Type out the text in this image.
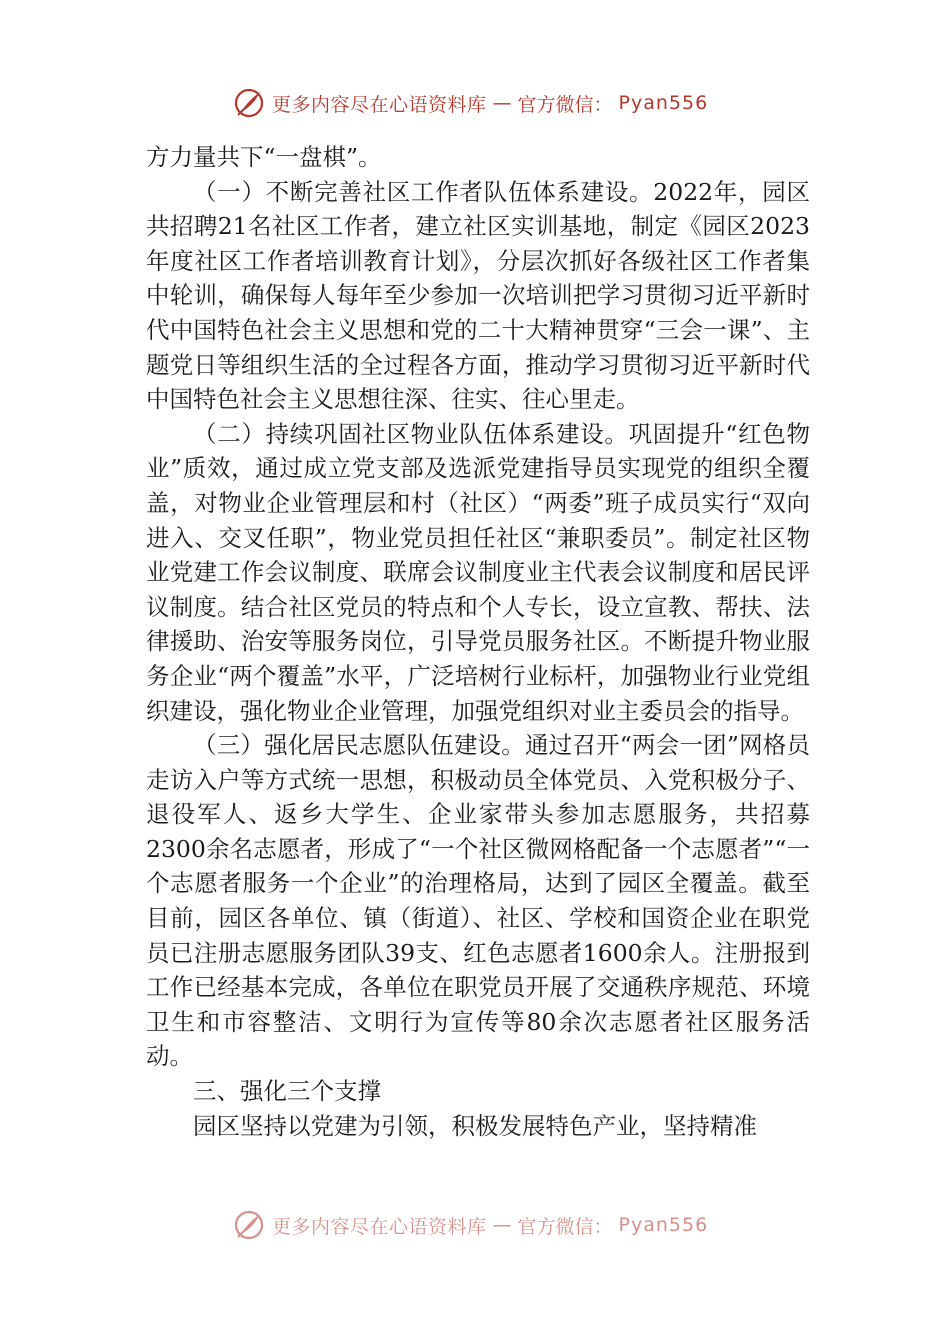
更多内容尽在心语资料库 — 官方微信： Pyan556

方力量共下“一盘棋”。

（一）不断完善社区工作者队伍体系建设。2022年，园区共招聘21名社区工作者，建立社区实训基地，制定《园区2023年度社区工作者培训教育计划》，分层次抓好各级社区工作者集中轮训，确保每人每年至少参加一次培训把学习贯彻习近平新时代中国特色社会主义思想和党的二十大精神贯穿“三会一课”、主题党日等组织生活的全过程各方面，推动学习贯彻习近平新时代中国特色社会主义思想往深、往实、往心里走。

（二）持续巩固社区物业队伍体系建设。巩固提升“红色物业”质效，通过成立党支部及选派党建指导员实现党的组织全覆盖，对物业企业管理层和村（社区）“两委”班子成员实行“双向进入、交叉任职”，物业党员担任社区“兼职委员”。制定社区物业党建工作会议制度、联席会议制度业主代表会议制度和居民评议制度。结合社区党员的特点和个人专长，设立宣教、帮扶、法律援助、治安等服务岗位，引导党员服务社区。不断提升物业服务企业“两个覆盖”水平，广泛培树行业标杆，加强物业行业党组织建设，强化物业企业管理，加强党组织对业主委员会的指导。

（三）强化居民志愿队伍建设。通过召开“两会一团”网格员走访入户等方式统一思想，积极动员全体党员、入党积极分子、退役军人、返乡大学生、企业家带头参加志愿服务，共招募2300余名志愿者，形成了“一个社区微网格配备一个志愿者”“一个志愿者服务一个企业”的治理格局，达到了园区全覆盖。截至目前，园区各单位、镇（街道）、社区、学校和国资企业在职党员已注册志愿服务团队39支、红色志愿者1600余人。注册报到工作已经基本完成，各单位在职党员开展了交通秩序规范、环境卫生和市容整洁、文明行为宣传等80余次志愿者社区服务活动。

三、强化三个支撑

园区坚持以党建为引领，积极发展特色产业，坚持精准

更多内容尽在心语资料库 — 官方微信： Pyan556
